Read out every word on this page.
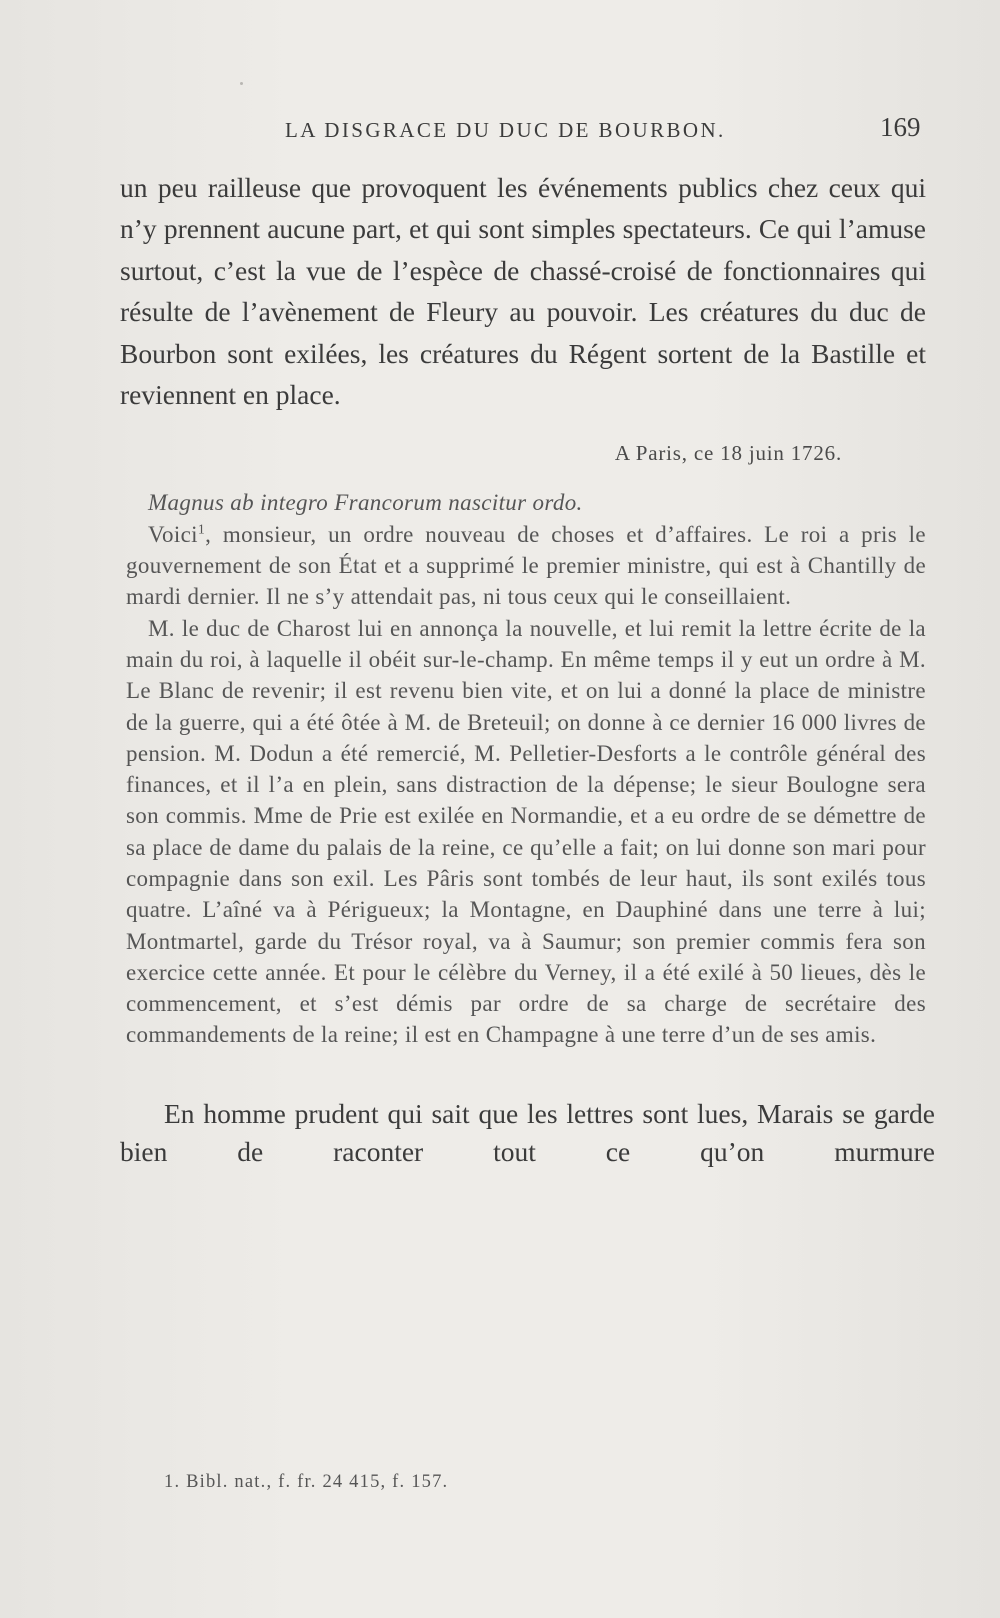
LA DISGRACE DU DUC DE BOURBON.	169

un peu railleuse que provoquent les événements publics chez ceux qui n’y prennent aucune part, et qui sont simples spectateurs. Ce qui l’amuse surtout, c’est la vue de l’espèce de chassé-croisé de fonctionnaires qui résulte de l’avènement de Fleury au pouvoir. Les créatures du duc de Bourbon sont exilées, les créatures du Régent sortent de la Bastille et reviennent en place.

A Paris, ce 18 juin 1726.

Magnus ab integro Francorum nascitur ordo.

Voici$^1$, monsieur, un ordre nouveau de choses et d’affaires. Le roi a pris le gouvernement de son État et a supprimé le premier ministre, qui est à Chantilly de mardi dernier. Il ne s’y attendait pas, ni tous ceux qui le conseillaient.

M. le duc de Charost lui en annonça la nouvelle, et lui remit la lettre écrite de la main du roi, à laquelle il obéit sur-le-champ. En même temps il y eut un ordre à M. Le Blanc de revenir; il est revenu bien vite, et on lui a donné la place de ministre de la guerre, qui a été ôtée à M. de Breteuil; on donne à ce dernier 16 000 livres de pension. M. Dodun a été remercié, M. Pelletier-Desforts a le contrôle général des finances, et il l’a en plein, sans distraction de la dépense; le sieur Boulogne sera son commis. Mme de Prie est exilée en Normandie, et a eu ordre de se démettre de sa place de dame du palais de la reine, ce qu’elle a fait; on lui donne son mari pour compagnie dans son exil. Les Pâris sont tombés de leur haut, ils sont exilés tous quatre. L’aîné va à Périgueux; la Montagne, en Dauphiné dans une terre à lui; Montmartel, garde du Trésor royal, va à Saumur; son premier commis fera son exercice cette année. Et pour le célèbre du Verney, il a été exilé à 50 lieues, dès le commencement, et s’est démis par ordre de sa charge de secrétaire des commandements de la reine; il est en Champagne à une terre d’un de ses amis.

En homme prudent qui sait que les lettres sont lues, Marais se garde bien de raconter tout ce qu’on murmure

1. Bibl. nat., f. fr. 24 415, f. 157.
